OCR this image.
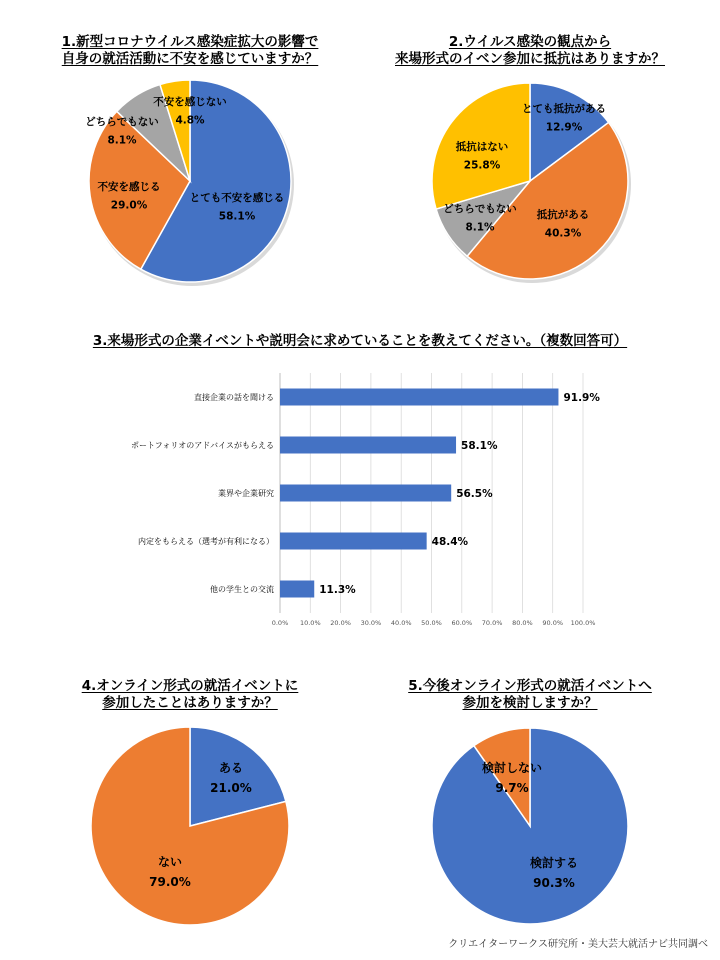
1.新型コロナウイルス感染症拡大の影響で
自身の就活活動に不安を感じていますか？
2.ウイルス感染の観点から
来場形式のイベン参加に抵抗はありますか？
3.来場形式の企業イベントや説明会に求めていることを教えてください。（複数回答可）
4.オンライン形式の就活イベントに
参加したことはありますか？
5.今後オンライン形式の就活イベントへ
参加を検討しますか？
とても不安を感じる
58.1%
不安を感じる
29.0%
どちらでもない
8.1%
不安を感じない
4.8%
とても抵抗がある
12.9%
抵抗がある
40.3%
どちらでもない
8.1%
抵抗はない
25.8%
ある
21.0%
ない
79.0%
検討する
90.3%
検討しない
9.7%
0.0% 10.0% 20.0% 30.0% 40.0% 50.0% 60.0% 70.0% 80.0% 90.0% 100.0%
直接企業の話を聞ける	91.9%
ポートフォリオのアドバイスがもらえる	58.1%
業界や企業研究	56.5%
内定をもらえる（選考が有利になる）	48.4%
他の学生との交流	11.3%
クリエイターワークス研究所・美大芸大就活ナビ共同調べ
